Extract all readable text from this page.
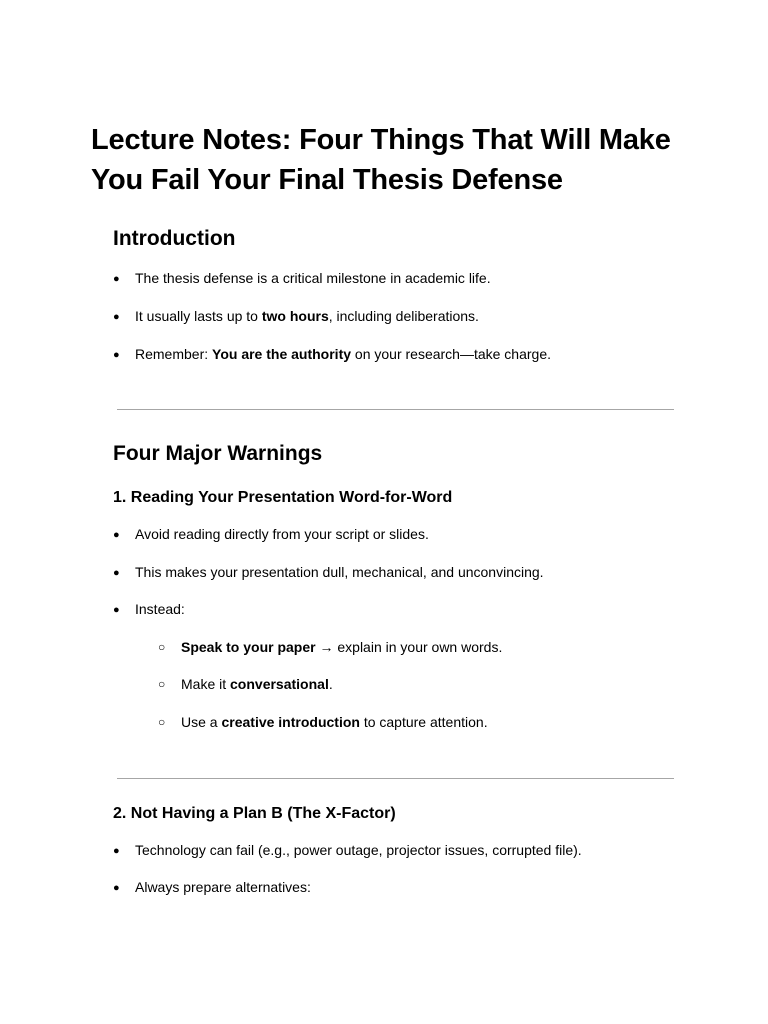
Lecture Notes: Four Things That Will Make You Fail Your Final Thesis Defense
Introduction
● The thesis defense is a critical milestone in academic life.
● It usually lasts up to two hours, including deliberations.
● Remember: You are the authority on your research—take charge.
Four Major Warnings
1. Reading Your Presentation Word-for-Word
● Avoid reading directly from your script or slides.
● This makes your presentation dull, mechanical, and unconvincing.
● Instead:
○ Speak to your paper → explain in your own words.
○ Make it conversational.
○ Use a creative introduction to capture attention.
2. Not Having a Plan B (The X-Factor)
● Technology can fail (e.g., power outage, projector issues, corrupted file).
● Always prepare alternatives:
